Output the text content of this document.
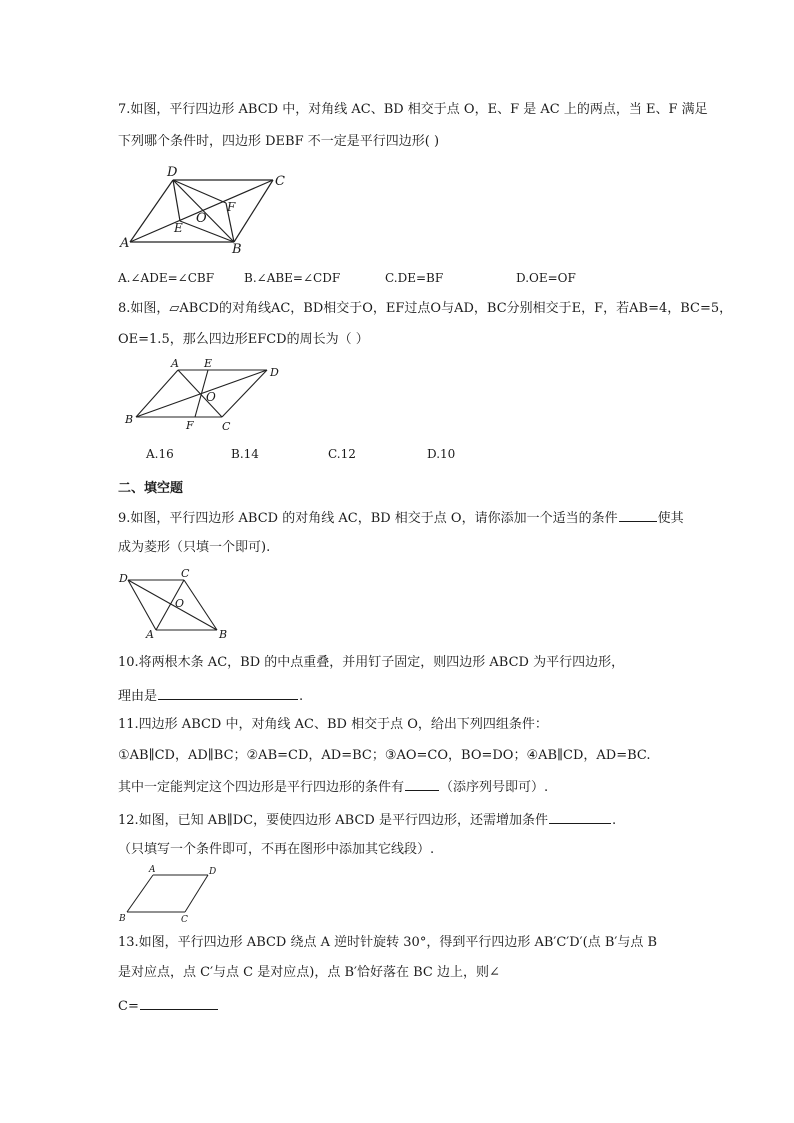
7.如图，平行四边形 ABCD 中，对角线 AC、BD 相交于点 O，E、F 是 AC 上的两点，当 E、F 满足
下列哪个条件时，四边形 DEBF 不一定是平行四边形( )
D
C
A	B
O
E
F
A.∠ADE=∠CBF B.∠ABE=∠CDF	C.DE=BF	D.OE=OF
8.如图，▱ABCD的对角线AC，BD相交于O，EF过点O与AD，BC分别相交于E，F，若AB=4，BC=5，
OE=1.5，那么四边形EFCD的周长为（ ）
A E
D
B	F	C
O
A.16	B.14	C.12	D.10
二、填空题
9.如图，平行四边形 ABCD 的对角线 AC，BD 相交于点 O，请你添加一个适当的条件	使其
成为菱形（只填一个即可).
D	C
O
A	B
10.将两根木条 AC，BD 的中点重叠，并用钉子固定，则四边形 ABCD 为平行四边形，
理由是	.
11.四边形 ABCD 中，对角线 AC、BD 相交于点 O，给出下列四组条件：
①AB∥CD，AD∥BC；②AB=CD，AD=BC；③AO=CO，BO=DO；④AB∥CD，AD=BC.
其中一定能判定这个四边形是平行四边形的条件有	（添序列号即可）.
12.如图，已知 AB∥DC，要使四边形 ABCD 是平行四边形，还需增加条件	.
（只填写一个条件即可，不再在图形中添加其它线段）.
A	D
B	C
13.如图，平行四边形 ABCD 绕点 A 逆时针旋转 30°，得到平行四边形 AB′C′D′(点 B′与点 B
是对应点，点 C′与点 C 是对应点)，点 B′恰好落在 BC 边上，则∠
C=
